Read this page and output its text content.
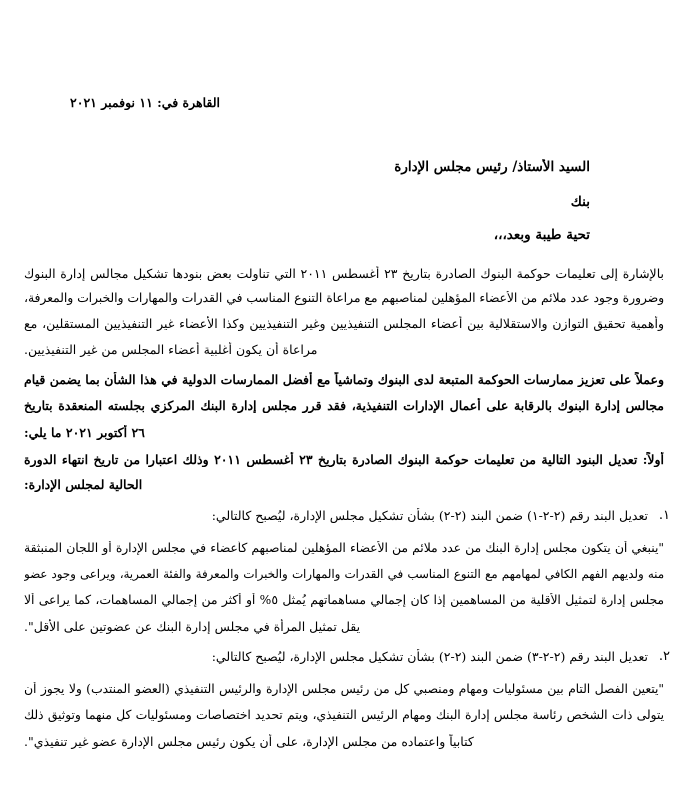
القاهرة في: ١١ نوفمبر ٢٠٢١
السيد الأستاذ/ رئيس مجلس الإدارة
بنك
تحية طيبة وبعد،،،
بالإشارة إلى تعليمات حوكمة البنوك الصادرة بتاريخ ٢٣ أغسطس ٢٠١١ التي تناولت بعض بنودها تشكيل مجالس إدارة البنوك
وضرورة وجود عدد ملائم من الأعضاء المؤهلين لمناصبهم مع مراعاة التنوع المناسب في القدرات والمهارات والخبرات والمعرفة،
وأهمية تحقيق التوازن والاستقلالية بين أعضاء المجلس التنفيذيين وغير التنفيذيين وكذا الأعضاء غير التنفيذيين المستقلين، مع
مراعاة أن يكون أغلبية أعضاء المجلس من غير التنفيذيين.
وعملاً على تعزيز ممارسات الحوكمة المتبعة لدى البنوك وتماشياً مع أفضل الممارسات الدولية في هذا الشأن بما يضمن قيام
مجالس إدارة البنوك بالرقابة على أعمال الإدارات التنفيذية، فقد قرر مجلس إدارة البنك المركزي بجلسته المنعقدة بتاريخ
٢٦ أكتوبر ٢٠٢١ ما يلي:
أولاً: تعديل البنود التالية من تعليمات حوكمة البنوك الصادرة بتاريخ ٢٣ أغسطس ٢٠١١ وذلك اعتبارا من تاريخ انتهاء الدورة
الحالية لمجلس الإدارة:
.١
تعديل البند رقم (٢-٢-١) ضمن البند (٢-٢) بشأن تشكيل مجلس الإدارة، ليُصبح كالتالي:
"ينبغي أن يتكون مجلس إدارة البنك من عدد ملائم من الأعضاء المؤهلين لمناصبهم كأعضاء في مجلس الإدارة أو اللجان المنبثقة
منه ولديهم الفهم الكافي لمهامهم مع التنوع المناسب في القدرات والمهارات والخبرات والمعرفة والفئة العمرية، ويراعى وجود عضو
مجلس إدارة لتمثيل الأقلية من المساهمين إذا كان إجمالي مساهماتهم يُمثل ٥% أو أكثر من إجمالي المساهمات، كما يراعى ألا
يقل تمثيل المرأة في مجلس إدارة البنك عن عضوتين على الأقل".
.٢
تعديل البند رقم (٢-٢-٣) ضمن البند (٢-٢) بشأن تشكيل مجلس الإدارة، ليُصبح كالتالي:
"يتعين الفصل التام بين مسئوليات ومهام ومنصبي كلٍ من رئيس مجلس الإدارة والرئيس التنفيذي (العضو المنتدب) ولا يجوز أن
يتولى ذات الشخص رئاسة مجلس إدارة البنك ومهام الرئيس التنفيذي، ويتم تحديد اختصاصات ومسئوليات كلٍ منهما وتوثيق ذلك
كتابياً واعتماده من مجلس الإدارة، على أن يكون رئيس مجلس الإدارة عضو غير تنفيذي".
